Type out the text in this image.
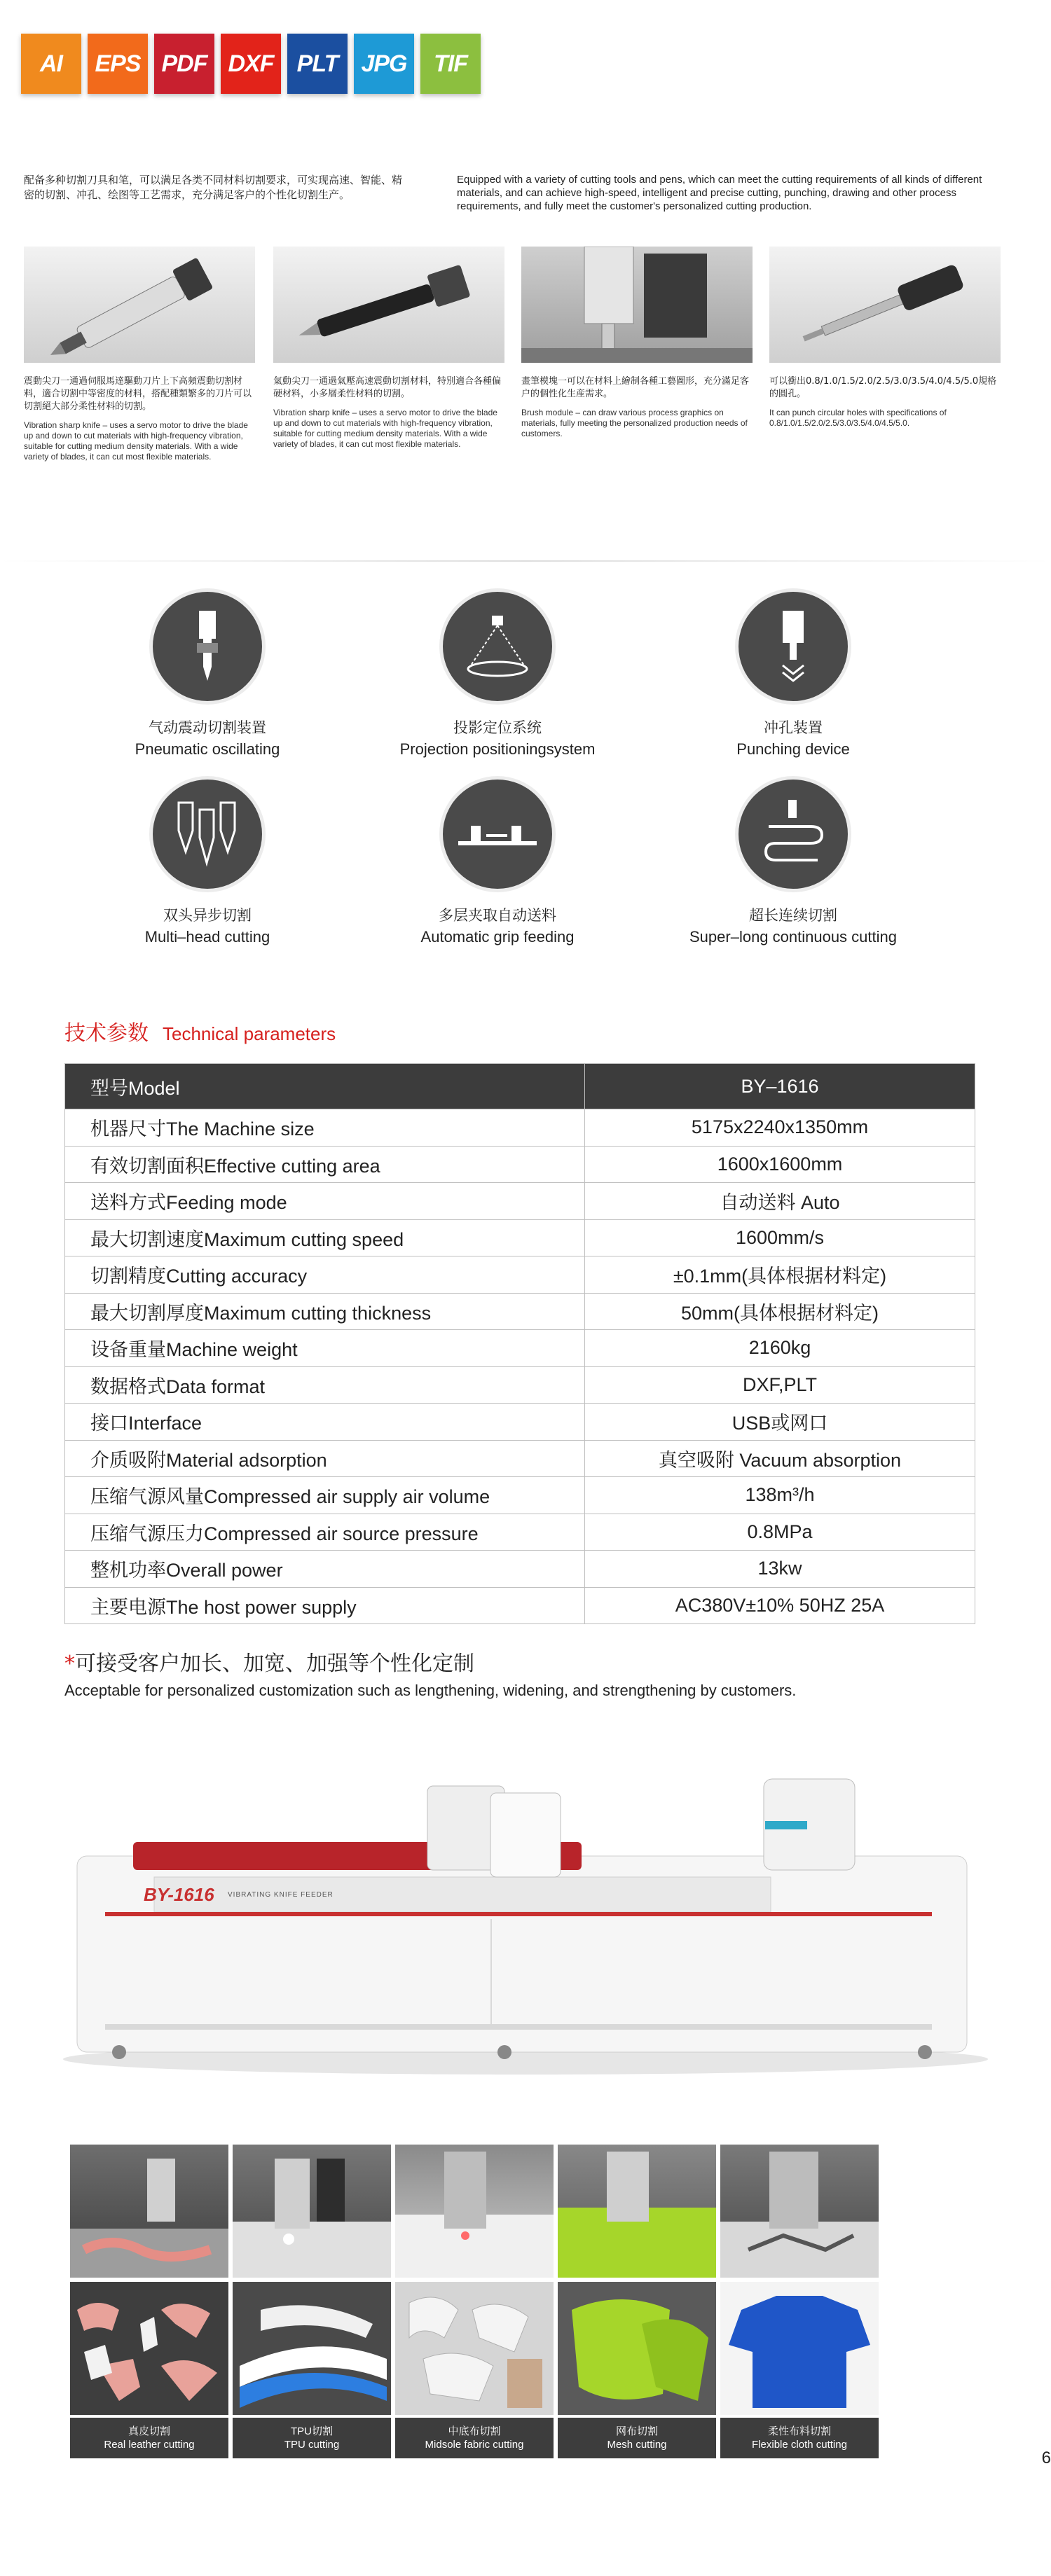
AI	EPS PDF DXF PLT JPG	TIF
配备多种切割刀具和笔，可以满足各类不同材料切割要求，可实现高速、智能、精密的切割、冲孔、绘图等工艺需求，充分满足客户的个性化切割生产。
Equipped with a variety of cutting tools and pens, which can meet the cutting requirements of all kinds of different materials, and can achieve high-speed, intelligent and precise cutting, punching, drawing and other process requirements, and fully meet the customer's personalized cutting production.
震動尖刀一通過伺服馬達驅動刀片上下高頻震動切割材料，適合切割中等密度的材料，搭配種類繁多的刀片可以切割絕大部分柔性材料的切割。
Vibration sharp knife – uses a servo motor to drive the blade up and down to cut materials with high-frequency vibration, suitable for cutting medium density materials. With a wide variety of blades, it can cut most flexible materials.
氣動尖刀一通過氣壓高速震動切割材料，特別適合各種偏硬材料，小多層柔性材料的切割。
Vibration sharp knife – uses a servo motor to drive the blade up and down to cut materials with high-frequency vibration, suitable for cutting medium density materials. With a wide variety of blades, it can cut most flexible materials.
畫筆模塊一可以在材料上繪制各種工藝圖形，充分滿足客户的個性化生産需求。
Brush module – can draw various process graphics on materials, fully meeting the personalized production needs of customers.
可以衝出0.8/1.0/1.5/2.0/2.5/3.0/3.5/4.0/4.5/5.0規格的圓孔。
It can punch circular holes with specifications of 0.8/1.0/1.5/2.0/2.5/3.0/3.5/4.0/4.5/5.0.
气动震动切割装置
Pneumatic oscillating
投影定位系统
Projection positioningsystem
冲孔装置
Punching device
双头异步切割
Multi–head cutting
多层夹取自动送料
Automatic grip feeding
超长连续切割
Super–long continuous cutting
技术参数 Technical parameters
型号Model	BY–1616
机器尺寸The Machine size	5175x2240x1350mm
有效切割面积Effective cutting area	1600x1600mm
送料方式Feeding mode	自动送料 Auto
最大切割速度Maximum cutting speed	1600mm/s
切割精度Cutting accuracy	±0.1mm(具体根据材料定)
最大切割厚度Maximum cutting thickness	50mm(具体根据材料定)
设备重量Machine weight	2160kg
数据格式Data format	DXF,PLT
接口Interface	USB或网口
介质吸附Material adsorption	真空吸附 Vacuum absorption
压缩气源风量Compressed air supply air volume	138m³/h
压缩气源压力Compressed air source pressure	0.8MPa
整机功率Overall power	13kw
主要电源The host power supply	AC380V±10% 50HZ 25A
*可接受客户加长、加宽、加强等个性化定制
Acceptable for personalized customization such as lengthening, widening, and strengthening by customers.
BY-1616 VIBRATING KNIFE FEEDER
真皮切割
Real leather cutting
TPU切割
TPU cutting
中底布切割
Midsole fabric cutting
网布切割
Mesh cutting
柔性布料切割
Flexible cloth cutting
6
